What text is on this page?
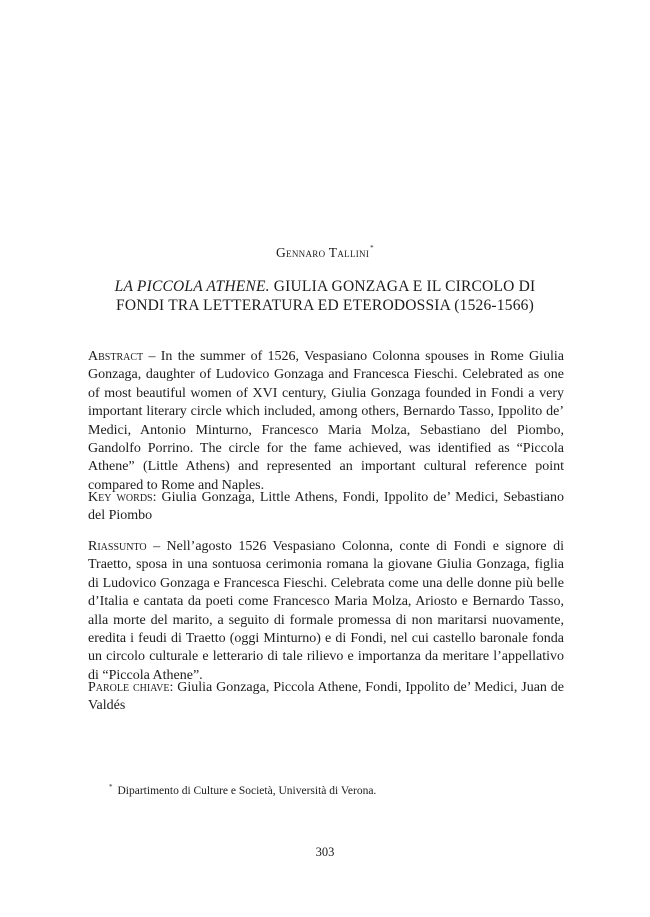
Gennaro Tallini*
LA PICCOLA ATHENE. GIULIA GONZAGA E IL CIRCOLO DI FONDI TRA LETTERATURA ED ETERODOSSIA (1526-1566)

Abstract – In the summer of 1526, Vespasiano Colonna spouses in Rome Giulia Gonzaga, daughter of Ludovico Gonzaga and Francesca Fieschi. Celebrated as one of most beautiful women of XVI century, Giulia Gonzaga founded in Fondi a very important literary circle which included, among others, Bernardo Tasso, Ippolito de’ Medici, Antonio Minturno, Francesco Maria Molza, Sebastiano del Piombo, Gandolfo Porrino. The circle for the fame achieved, was identified as “Piccola Athene” (Little Athens) and represented an important cultural reference point compared to Rome and Naples.

Key words: Giulia Gonzaga, Little Athens, Fondi, Ippolito de’ Medici, Sebastiano del Piombo

Riassunto – Nell’agosto 1526 Vespasiano Colonna, conte di Fondi e signore di Traetto, sposa in una sontuosa cerimonia romana la giovane Giulia Gonzaga, figlia di Ludovico Gonzaga e Francesca Fieschi. Celebrata come una delle donne più belle d’Italia e cantata da poeti come Francesco Maria Molza, Ariosto e Bernardo Tasso, alla morte del marito, a seguito di formale promessa di non maritarsi nuovamente, eredita i feudi di Traetto (oggi Minturno) e di Fondi, nel cui castello baronale fonda un circolo culturale e letterario di tale rilievo e importanza da meritare l’appellativo di “Piccola Athene”.

Parole chiave: Giulia Gonzaga, Piccola Athene, Fondi, Ippolito de’ Medici, Juan de Valdés

* Dipartimento di Culture e Società, Università di Verona.
303
